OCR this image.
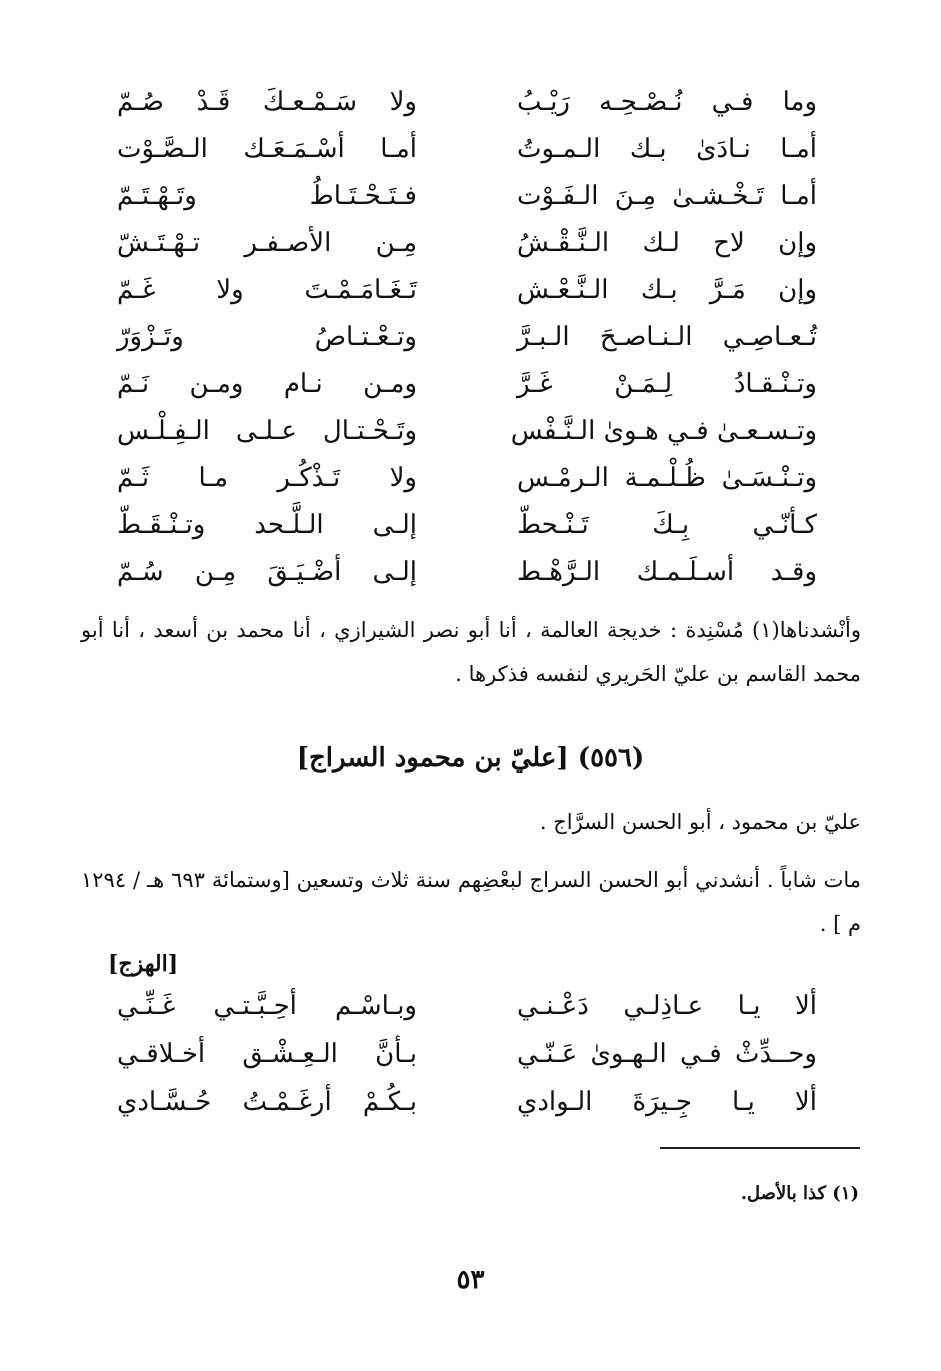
وما فـي نُـصْـحِـه رَيْـبُ
ولا سَـمْـعـكَ قَـدْ صُـمّ
أمـا نـادَىٰ بـك الـمـوتُ
أمـا أسْـمَـعَـك الـصَّـوْت
أمـا تَـخْـشـىٰ مِـنَ الـفَـوْت
فـتَـحْـتَـاطُ وتَـهْـتَـمّ
وإن لاح لـك الـنَّـقْـشُ
مِـن الأصـفـر تـهْـتَـشّ
وإن مَـرَّ بـك الـنَّـعْـش
تَـغَـامَـمْـتَ ولا غَـمّ
تُـعـاصِـي الـنـاصـحَ الـبـرَّ
وتـعْـتـاصُ وتَـزْوَرّ
وتـنْـقـادُ لِـمَـنْ غَـرَّ
ومـن نـام ومـن نَـمّ
وتـسـعـىٰ فـي هـوىٰ الـنَّـفْس
وتَـحْـتـال عـلـى الـفِـلْـس
وتـنْـسَـىٰ ظُـلْـمـة الـرمْـس
ولا تَـذْكُـر مـا ثَـمّ
كـأنّـي بِـكَ تَـنْـحطّ
إلـى الـلَّـحد وتـنْـقَـطّ
وقـد أسـلَـمـك الـرَّهْـط
إلـى أضْـيَـقَ مِـن سُـمّ

وأنْشدناها(١) مُسْنِدة : خديجة العالمة ، أنا أبو نصر الشيرازي ، أنا محمد بن أسعد ، أنا أبو محمد القاسم بن عليّ الحَريري لنفسه فذكرها .

(٥٥٦) [عليّ بن محمود السراج]

عليّ بن محمود ، أبو الحسن السرَّاج .

مات شاباً . أنشدني أبو الحسن السراج لبعْضِهم سنة ثلاث وتسعين [وستمائة ٦٩٣ هـ / ١٢٩٤ م ] .

[الهزج]
ألا يـا عـاذِلـي دَعْـنـي
وبـاسْـم أحِـبَّـتـي غَـنِّـي
وحــدِّثْ فـي الـهـوىٰ عَـنّـي
بـأنَّ الـعِـشْـق أخـلاقـي
ألا يـا جِـيرَةَ الـوادي
بـكُـمْ أرغَـمْـتُ حُـسَّـادي
(١) كذا بالأصل.
٥٣
